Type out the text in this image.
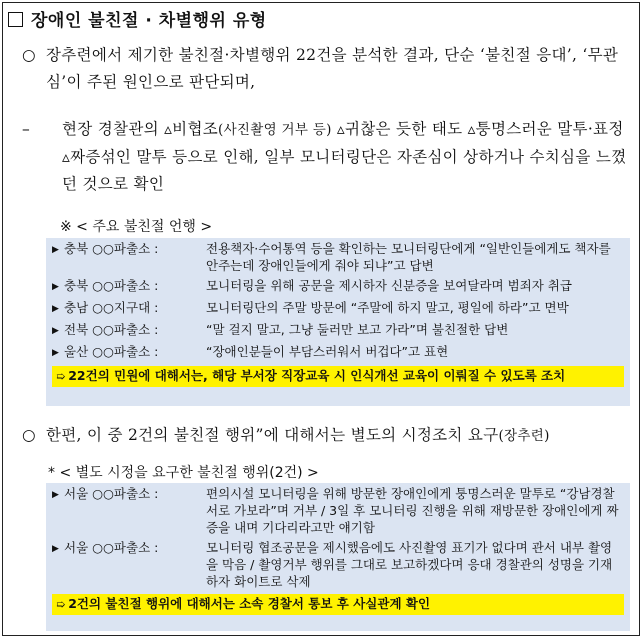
장애인 불친절 · 차별행위 유형
○ 장추련에서 제기한 불친절·차별행위 22건을 분석한 결과, 단순 ‘불친절 응대’, ‘무관심’이 주된 원인으로 판단되며,
– 현장 경찰관의 ▵비협조(사진촬영 거부 등) ▵귀찮은 듯한 태도 ▵퉁명스러운 말투·표정 ▵짜증섞인 말투 등으로 인해, 일부 모니터링단은 자존심이 상하거나 수치심을 느꼈던 것으로 확인
※ < 주요 불친절 언행 >
▶ 충북 ○○파출소 :	전용책자·수어통역 등을 확인하는 모니터링단에게 “일반인들에게도 책자를 안주는데 장애인들에게 줘야 되냐”고 답변
▶ 충북 ○○파출소 :	모니터링을 위해 공문을 제시하자 신분증을 보여달라며 범죄자 취급
▶ 충남 ○○지구대 :	모니터링단의 주말 방문에 “주말에 하지 말고, 평일에 하라”고 면박
▶ 전북 ○○파출소 :	“말 걸지 말고, 그냥 둘러만 보고 가라”며 불친절한 답변
▶ 울산 ○○파출소 :	“장애인분들이 부담스러워서 버겁다”고 표현
➯ 22건의 민원에 대해서는, 해당 부서장 직장교육 시 인식개선 교육이 이뤄질 수 있도록 조치
○ 한편, 이 중 2건의 불친절 행위”에 대해서는 별도의 시정조치 요구(장추련)
* < 별도 시정을 요구한 불친절 행위(2건) >
▶ 서울 ○○파출소 :	편의시설 모니터링을 위해 방문한 장애인에게 퉁명스러운 말투로 “강남경찰서로 가보라”며 거부 / 3일 후 모니터링 진행을 위해 재방문한 장애인에게 짜증을 내며 기다리라고만 얘기함
▶ 서울 ○○파출소 :	모니터링 협조공문을 제시했음에도 사진촬영 표기가 없다며 관서 내부 촬영을 막음 / 촬영거부 행위를 그대로 보고하겠다며 응대 경찰관의 성명을 기재하자 화이트로 삭제
➯ 2건의 불친절 행위에 대해서는 소속 경찰서 통보 후 사실관계 확인
